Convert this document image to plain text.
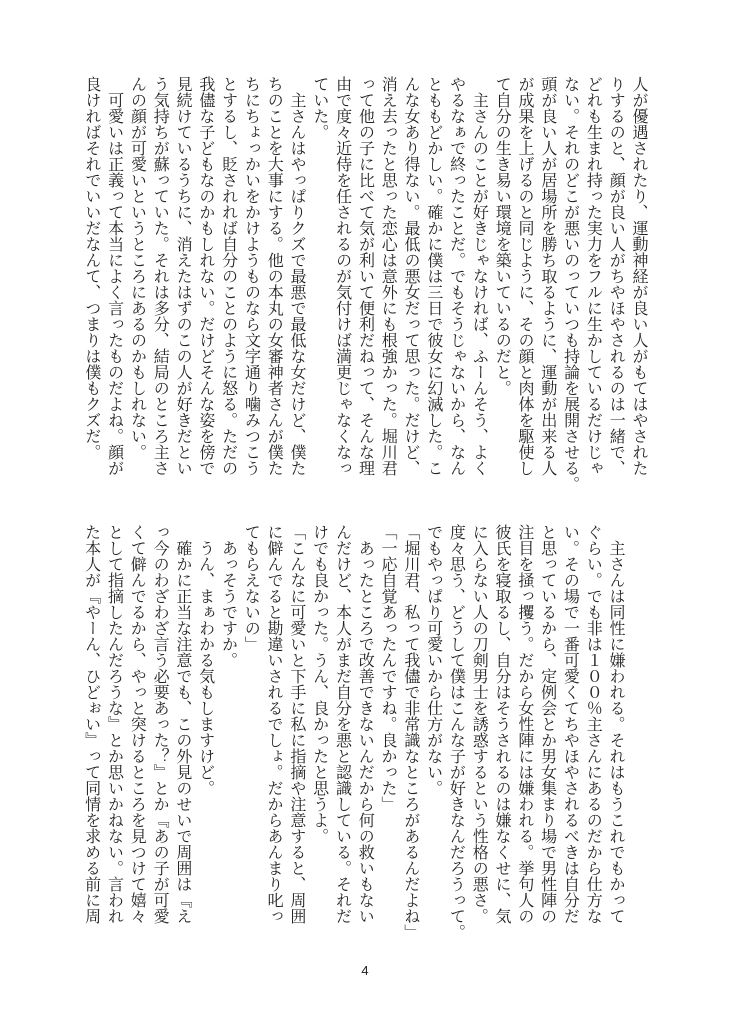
人が優遇されたり、運動神経が良い人がもてはやされた
りするのと、顔が良い人がちやほやされるのは一緒で、
どれも生まれ持った実力をフルに生かしているだけじゃ
ない。それのどこが悪いのっていつも持論を展開させる。
頭が良い人が居場所を勝ち取るように、運動が出来る人
が成果を上げるのと同じように、その顔と肉体を駆使し
て自分の生き易い環境を築いているのだと。
　主さんのことが好きじゃなければ、ふーんそう、よく
やるなぁで終ったことだ。でもそうじゃないから、なん
とももどかしい。確かに僕は三日で彼女に幻滅した。こ
んな女あり得ない。最低の悪女だって思った。だけど、
消え去ったと思った恋心は意外にも根強かった。堀川君
って他の子に比べて気が利いて便利だねって、そんな理
由で度々近侍を任されるのが気付けば満更じゃなくなっ
ていた。
　主さんはやっぱりクズで最悪で最低な女だけど、僕た
ちのことを大事にする。他の本丸の女審神者さんが僕た
ちにちょっかいをかけようものなら文字通り噛みつこう
とするし、貶されれば自分のことのように怒る。ただの
我儘な子どもなのかもしれない。だけどそんな姿を傍で
見続けているうちに、消えたはずのこの人が好きだとい
う気持ちが蘇っていた。それは多分、結局のところ主さ
んの顔が可愛いというところにあるのかもしれない。
　可愛いは正義って本当によく言ったものだよね。顔が
良ければそれでいいだなんて、つまりは僕もクズだ。
　主さんは同性に嫌われる。それはもうこれでもかって
ぐらい。でも非は１００％主さんにあるのだから仕方な
い。その場で一番可愛くてちやほやされるべきは自分だ
と思っているから、定例会とか男女集まり場で男性陣の
注目を掻っ攫う。だから女性陣には嫌われる。挙句人の
彼氏を寝取るし、自分はそうされるのは嫌なくせに、気
に入らない人の刀剣男士を誘惑するという性格の悪さ。
度々思う、どうして僕はこんな子が好きなんだろうって。
でもやっぱり可愛いから仕方がない。
「堀川君、私って我儘で非常識なところがあるんだよね」
「一応自覚あったんですね。良かった」
　あったところで改善できないんだから何の救いもない
んだけど、本人がまだ自分を悪と認識している。それだ
けでも良かった。うん、良かったと思うよ。
「こんなに可愛いと下手に私に指摘や注意すると、周囲
に僻んでると勘違いされるでしょ。だからあんまり叱っ
てもらえないの」
　あっそうですか。
　うん、まぁわかる気もしますけど。
　確かに正当な注意でも、この外見のせいで周囲は『え
っ今のわざわざ言う必要あった？』とか『あの子が可愛
くて僻んでるから、やっと突けるところを見つけて嬉々
として指摘したんだろうな』とか思いかねない。言われ
た本人が『やーん、ひどぉい』って同情を求める前に周
4
